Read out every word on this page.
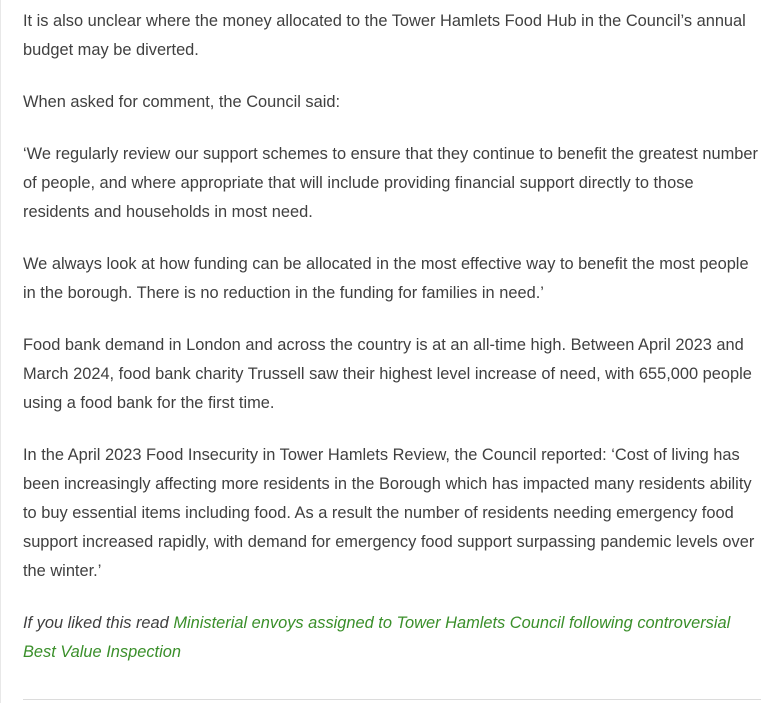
It is also unclear where the money allocated to the Tower Hamlets Food Hub in the Council’s annual budget may be diverted.

When asked for comment, the Council said:

‘We regularly review our support schemes to ensure that they continue to benefit the greatest number of people, and where appropriate that will include providing financial support directly to those residents and households in most need.

We always look at how funding can be allocated in the most effective way to benefit the most people in the borough. There is no reduction in the funding for families in need.’

Food bank demand in London and across the country is at an all-time high. Between April 2023 and March 2024, food bank charity Trussell saw their highest level increase of need, with 655,000 people using a food bank for the first time.

In the April 2023 Food Insecurity in Tower Hamlets Review, the Council reported: ‘Cost of living has been increasingly affecting more residents in the Borough which has impacted many residents ability to buy essential items including food. As a result the number of residents needing emergency food support increased rapidly, with demand for emergency food support surpassing pandemic levels over the winter.’

If you liked this read Ministerial envoys assigned to Tower Hamlets Council following controversial Best Value Inspection
